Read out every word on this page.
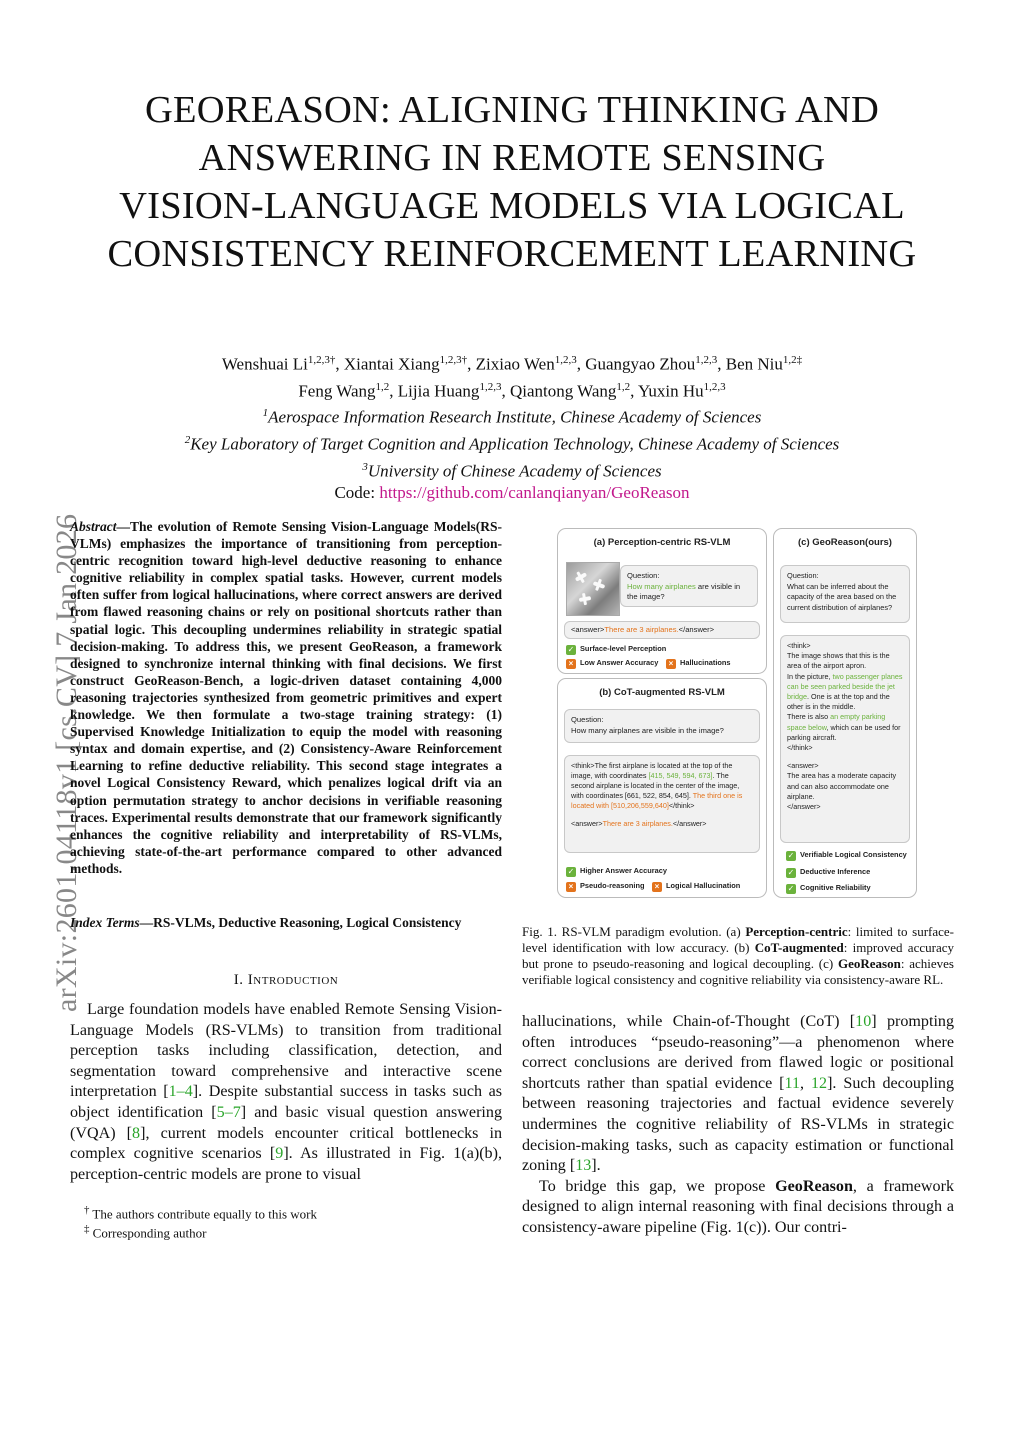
arXiv:2601.04118v1 [cs.CV] 7 Jan 2026
GEOREASON: ALIGNING THINKING AND
ANSWERING IN REMOTE SENSING
VISION-LANGUAGE MODELS VIA LOGICAL
CONSISTENCY REINFORCEMENT LEARNING
Wenshuai $Li^{1,2,3\dagger}$, Xiantai Xiang$^{1,2,3\dagger}$, Zixiao Wen$^{1,2,3}$, Guangyao Zhou$^{1,2,3}$, Ben Niu$^{1,2\ddagger}$
Feng Wang$^{1,2}$, Lijia Huang$^{1,2,3}$, Qiantong Wang$^{1,2}$, Yuxin Hu$^{1,2,3}$
$^1$Aerospace Information Research Institute, Chinese Academy of Sciences
$^2$Key Laboratory of Target Cognition and Application Technology, Chinese Academy of Sciences
$^3$University of Chinese Academy of Sciences
Code: https://github.com/canlanqianyan/GeoReason
Abstract—The evolution of Remote Sensing Vision-Language Models(RS-VLMs) emphasizes the importance of transitioning from perception-centric recognition toward high-level deductive reasoning to enhance cognitive reliability in complex spatial tasks. However, current models often suffer from logical hallucinations, where correct answers are derived from flawed reasoning chains or rely on positional shortcuts rather than spatial logic. This decoupling undermines reliability in strategic spatial decision-making. To address this, we present GeoReason, a framework designed to synchronize internal thinking with final decisions. We first construct GeoReason-Bench, a logic-driven dataset containing 4,000 reasoning trajectories synthesized from geometric primitives and expert knowledge. We then formulate a two-stage training strategy: (1) Supervised Knowledge Initialization to equip the model with reasoning syntax and domain expertise, and (2) Consistency-Aware Reinforcement Learning to refine deductive reliability. This second stage integrates a novel Logical Consistency Reward, which penalizes logical drift via an option permutation strategy to anchor decisions in verifiable reasoning traces. Experimental results demonstrate that our framework significantly enhances the cognitive reliability and interpretability of RS-VLMs, achieving state-of-the-art performance compared to other advanced methods.
Index Terms—RS-VLMs, Deductive Reasoning, Logical Consistency
I. Introduction

Large foundation models have enabled Remote Sensing Vision-Language Models (RS-VLMs) to transition from traditional perception tasks including classification, detection, and segmentation toward comprehensive and interactive scene interpretation [1–4]. Despite substantial success in tasks such as object identification [5–7] and basic visual question answering (VQA) [8], current models encounter critical bottlenecks in complex cognitive scenarios [9]. As illustrated in Fig. 1(a)(b), perception-centric models are prone to visual

† The authors contribute equally to this work
‡ Corresponding author
(a) Perception-centric RS-VLM
Question:
How many airplanes are visible in the image?
<answer>There are 3 airplanes.</answer>
✓ Surface-level Perception
× Low Answer Accuracy	× Hallucinations
(b) CoT-augmented RS-VLM
Question:
How many airplanes are visible in the image?
<think>The first airplane is located at the top of the image, with coordinates [415, 549, 594, 673]. The second airplane is located in the center of the image, with coordinates [661, 522, 854, 645]. The third one is located with [510,206,559,640]</think>
<answer>There are 3 airplanes.</answer>
✓ Higher Answer Accuracy
× Pseudo-reasoning	× Logical Hallucination
(c) GeoReason(ours)
Question:
What can be inferred about the capacity of the area based on the current distribution of airplanes?
<think>
The image shows that this is the area of the airport apron.
In the picture, two passenger planes can be seen parked beside the jet bridge. One is at the top and the other is in the middle.
There is also an empty parking space below, which can be used for parking aircraft.
</think>
<answer>
The area has a moderate capacity and can also accommodate one airplane.
</answer>
✓ Verifiable Logical Consistency
✓ Deductive Inference
✓ Cognitive Reliability
Fig. 1. RS-VLM paradigm evolution. (a) Perception-centric: limited to surface-level identification with low accuracy. (b) CoT-augmented: improved accuracy but prone to pseudo-reasoning and logical decoupling. (c) GeoReason: achieves verifiable logical consistency and cognitive reliability via consistency-aware RL.

hallucinations, while Chain-of-Thought (CoT) [10] prompting often introduces “pseudo-reasoning”—a phenomenon where correct conclusions are derived from flawed logic or positional shortcuts rather than spatial evidence [11, 12]. Such decoupling between reasoning trajectories and factual evidence severely undermines the cognitive reliability of RS-VLMs in strategic decision-making tasks, such as capacity estimation or functional zoning [13].

To bridge this gap, we propose GeoReason, a framework designed to align internal reasoning with final decisions through a consistency-aware pipeline (Fig. 1(c)). Our contri-
